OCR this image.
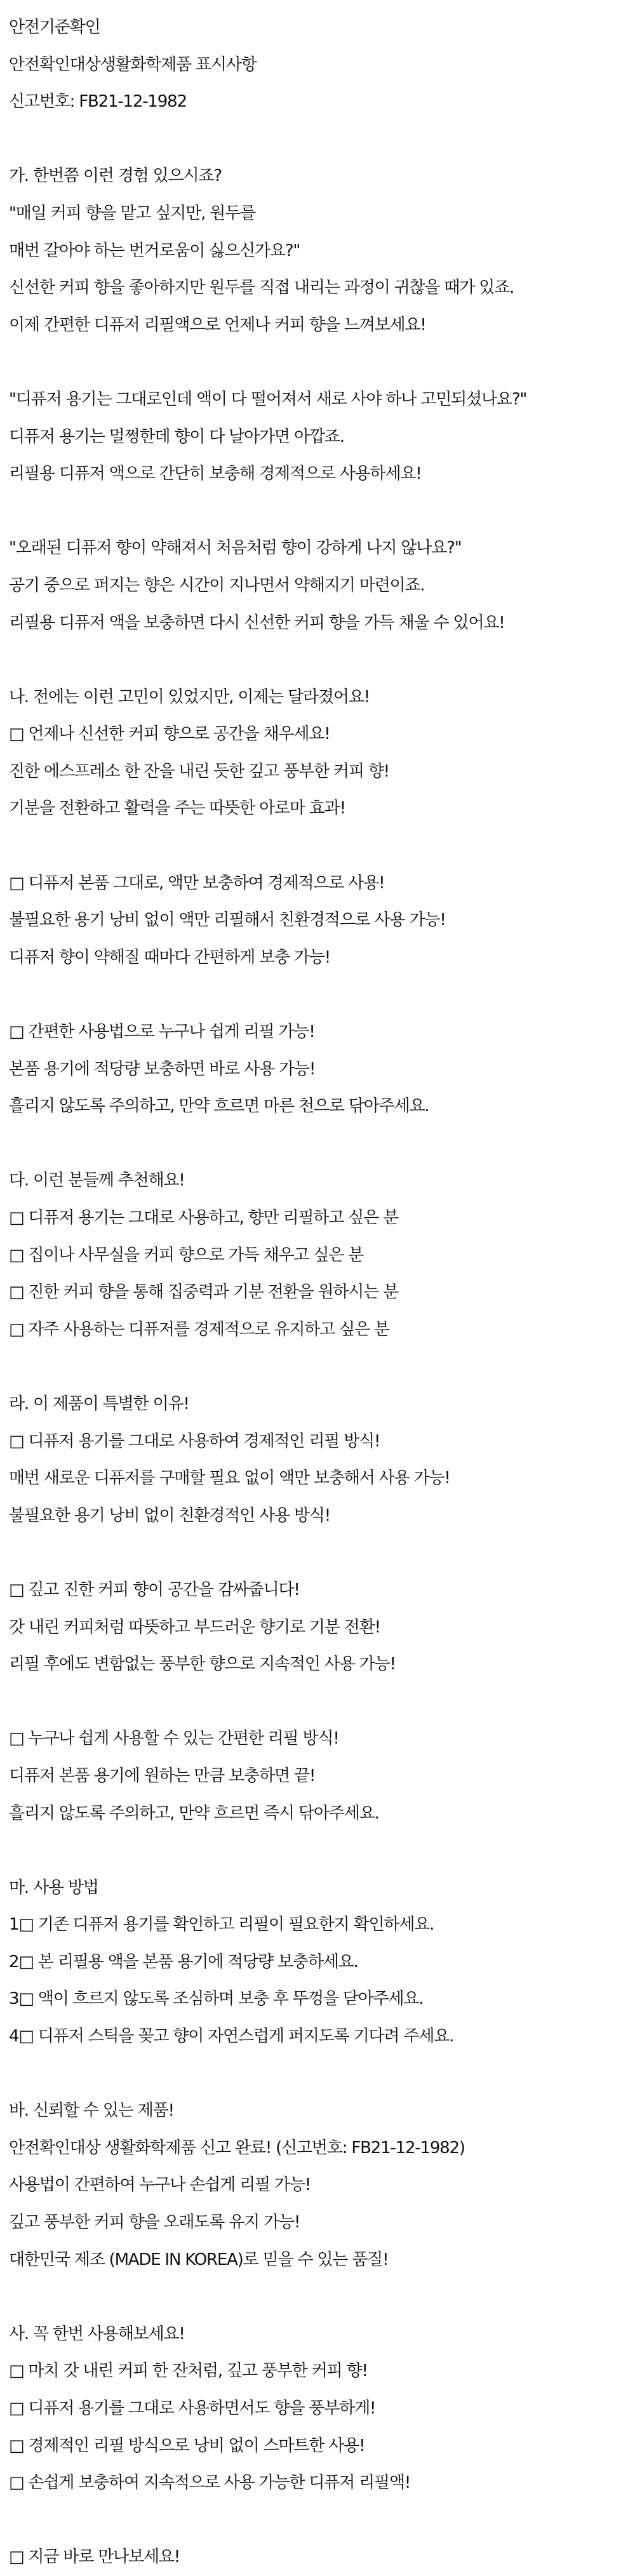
안전기준확인
안전확인대상생활화학제품 표시사항
신고번호: FB21-12-1982
가. 한번쯤 이런 경험 있으시죠?
"매일 커피 향을 맡고 싶지만, 원두를
매번 갈아야 하는 번거로움이 싫으신가요?"
신선한 커피 향을 좋아하지만 원두를 직접 내리는 과정이 귀찮을 때가 있죠.
이제 간편한 디퓨저 리필액으로 언제나 커피 향을 느껴보세요!
"디퓨저 용기는 그대로인데 액이 다 떨어져서 새로 사야 하나 고민되셨나요?"
디퓨저 용기는 멀쩡한데 향이 다 날아가면 아깝죠.
리필용 디퓨저 액으로 간단히 보충해 경제적으로 사용하세요!
"오래된 디퓨저 향이 약해져서 처음처럼 향이 강하게 나지 않나요?"
공기 중으로 퍼지는 향은 시간이 지나면서 약해지기 마련이죠.
리필용 디퓨저 액을 보충하면 다시 신선한 커피 향을 가득 채울 수 있어요!
나. 전에는 이런 고민이 있었지만, 이제는 달라졌어요!
□ 언제나 신선한 커피 향으로 공간을 채우세요!
진한 에스프레소 한 잔을 내린 듯한 깊고 풍부한 커피 향!
기분을 전환하고 활력을 주는 따뜻한 아로마 효과!
□ 디퓨저 본품 그대로, 액만 보충하여 경제적으로 사용!
불필요한 용기 낭비 없이 액만 리필해서 친환경적으로 사용 가능!
디퓨저 향이 약해질 때마다 간편하게 보충 가능!
□ 간편한 사용법으로 누구나 쉽게 리필 가능!
본품 용기에 적당량 보충하면 바로 사용 가능!
흘리지 않도록 주의하고, 만약 흐르면 마른 천으로 닦아주세요.
다. 이런 분들께 추천해요!
□ 디퓨저 용기는 그대로 사용하고, 향만 리필하고 싶은 분
□ 집이나 사무실을 커피 향으로 가득 채우고 싶은 분
□ 진한 커피 향을 통해 집중력과 기분 전환을 원하시는 분
□ 자주 사용하는 디퓨저를 경제적으로 유지하고 싶은 분
라. 이 제품이 특별한 이유!
□ 디퓨저 용기를 그대로 사용하여 경제적인 리필 방식!
매번 새로운 디퓨저를 구매할 필요 없이 액만 보충해서 사용 가능!
불필요한 용기 낭비 없이 친환경적인 사용 방식!
□ 깊고 진한 커피 향이 공간을 감싸줍니다!
갓 내린 커피처럼 따뜻하고 부드러운 향기로 기분 전환!
리필 후에도 변함없는 풍부한 향으로 지속적인 사용 가능!
□ 누구나 쉽게 사용할 수 있는 간편한 리필 방식!
디퓨저 본품 용기에 원하는 만큼 보충하면 끝!
흘리지 않도록 주의하고, 만약 흐르면 즉시 닦아주세요.
마. 사용 방법
1□ 기존 디퓨저 용기를 확인하고 리필이 필요한지 확인하세요.
2□ 본 리필용 액을 본품 용기에 적당량 보충하세요.
3□ 액이 흐르지 않도록 조심하며 보충 후 뚜껑을 닫아주세요.
4□ 디퓨저 스틱을 꽂고 향이 자연스럽게 퍼지도록 기다려 주세요.
바. 신뢰할 수 있는 제품!
안전확인대상 생활화학제품 신고 완료! (신고번호: FB21-12-1982)
사용법이 간편하여 누구나 손쉽게 리필 가능!
깊고 풍부한 커피 향을 오래도록 유지 가능!
대한민국 제조 (MADE IN KOREA)로 믿을 수 있는 품질!
사. 꼭 한번 사용해보세요!
□ 마치 갓 내린 커피 한 잔처럼, 깊고 풍부한 커피 향!
□ 디퓨저 용기를 그대로 사용하면서도 향을 풍부하게!
□ 경제적인 리필 방식으로 낭비 없이 스마트한 사용!
□ 손쉽게 보충하여 지속적으로 사용 가능한 디퓨저 리필액!
□ 지금 바로 만나보세요!
